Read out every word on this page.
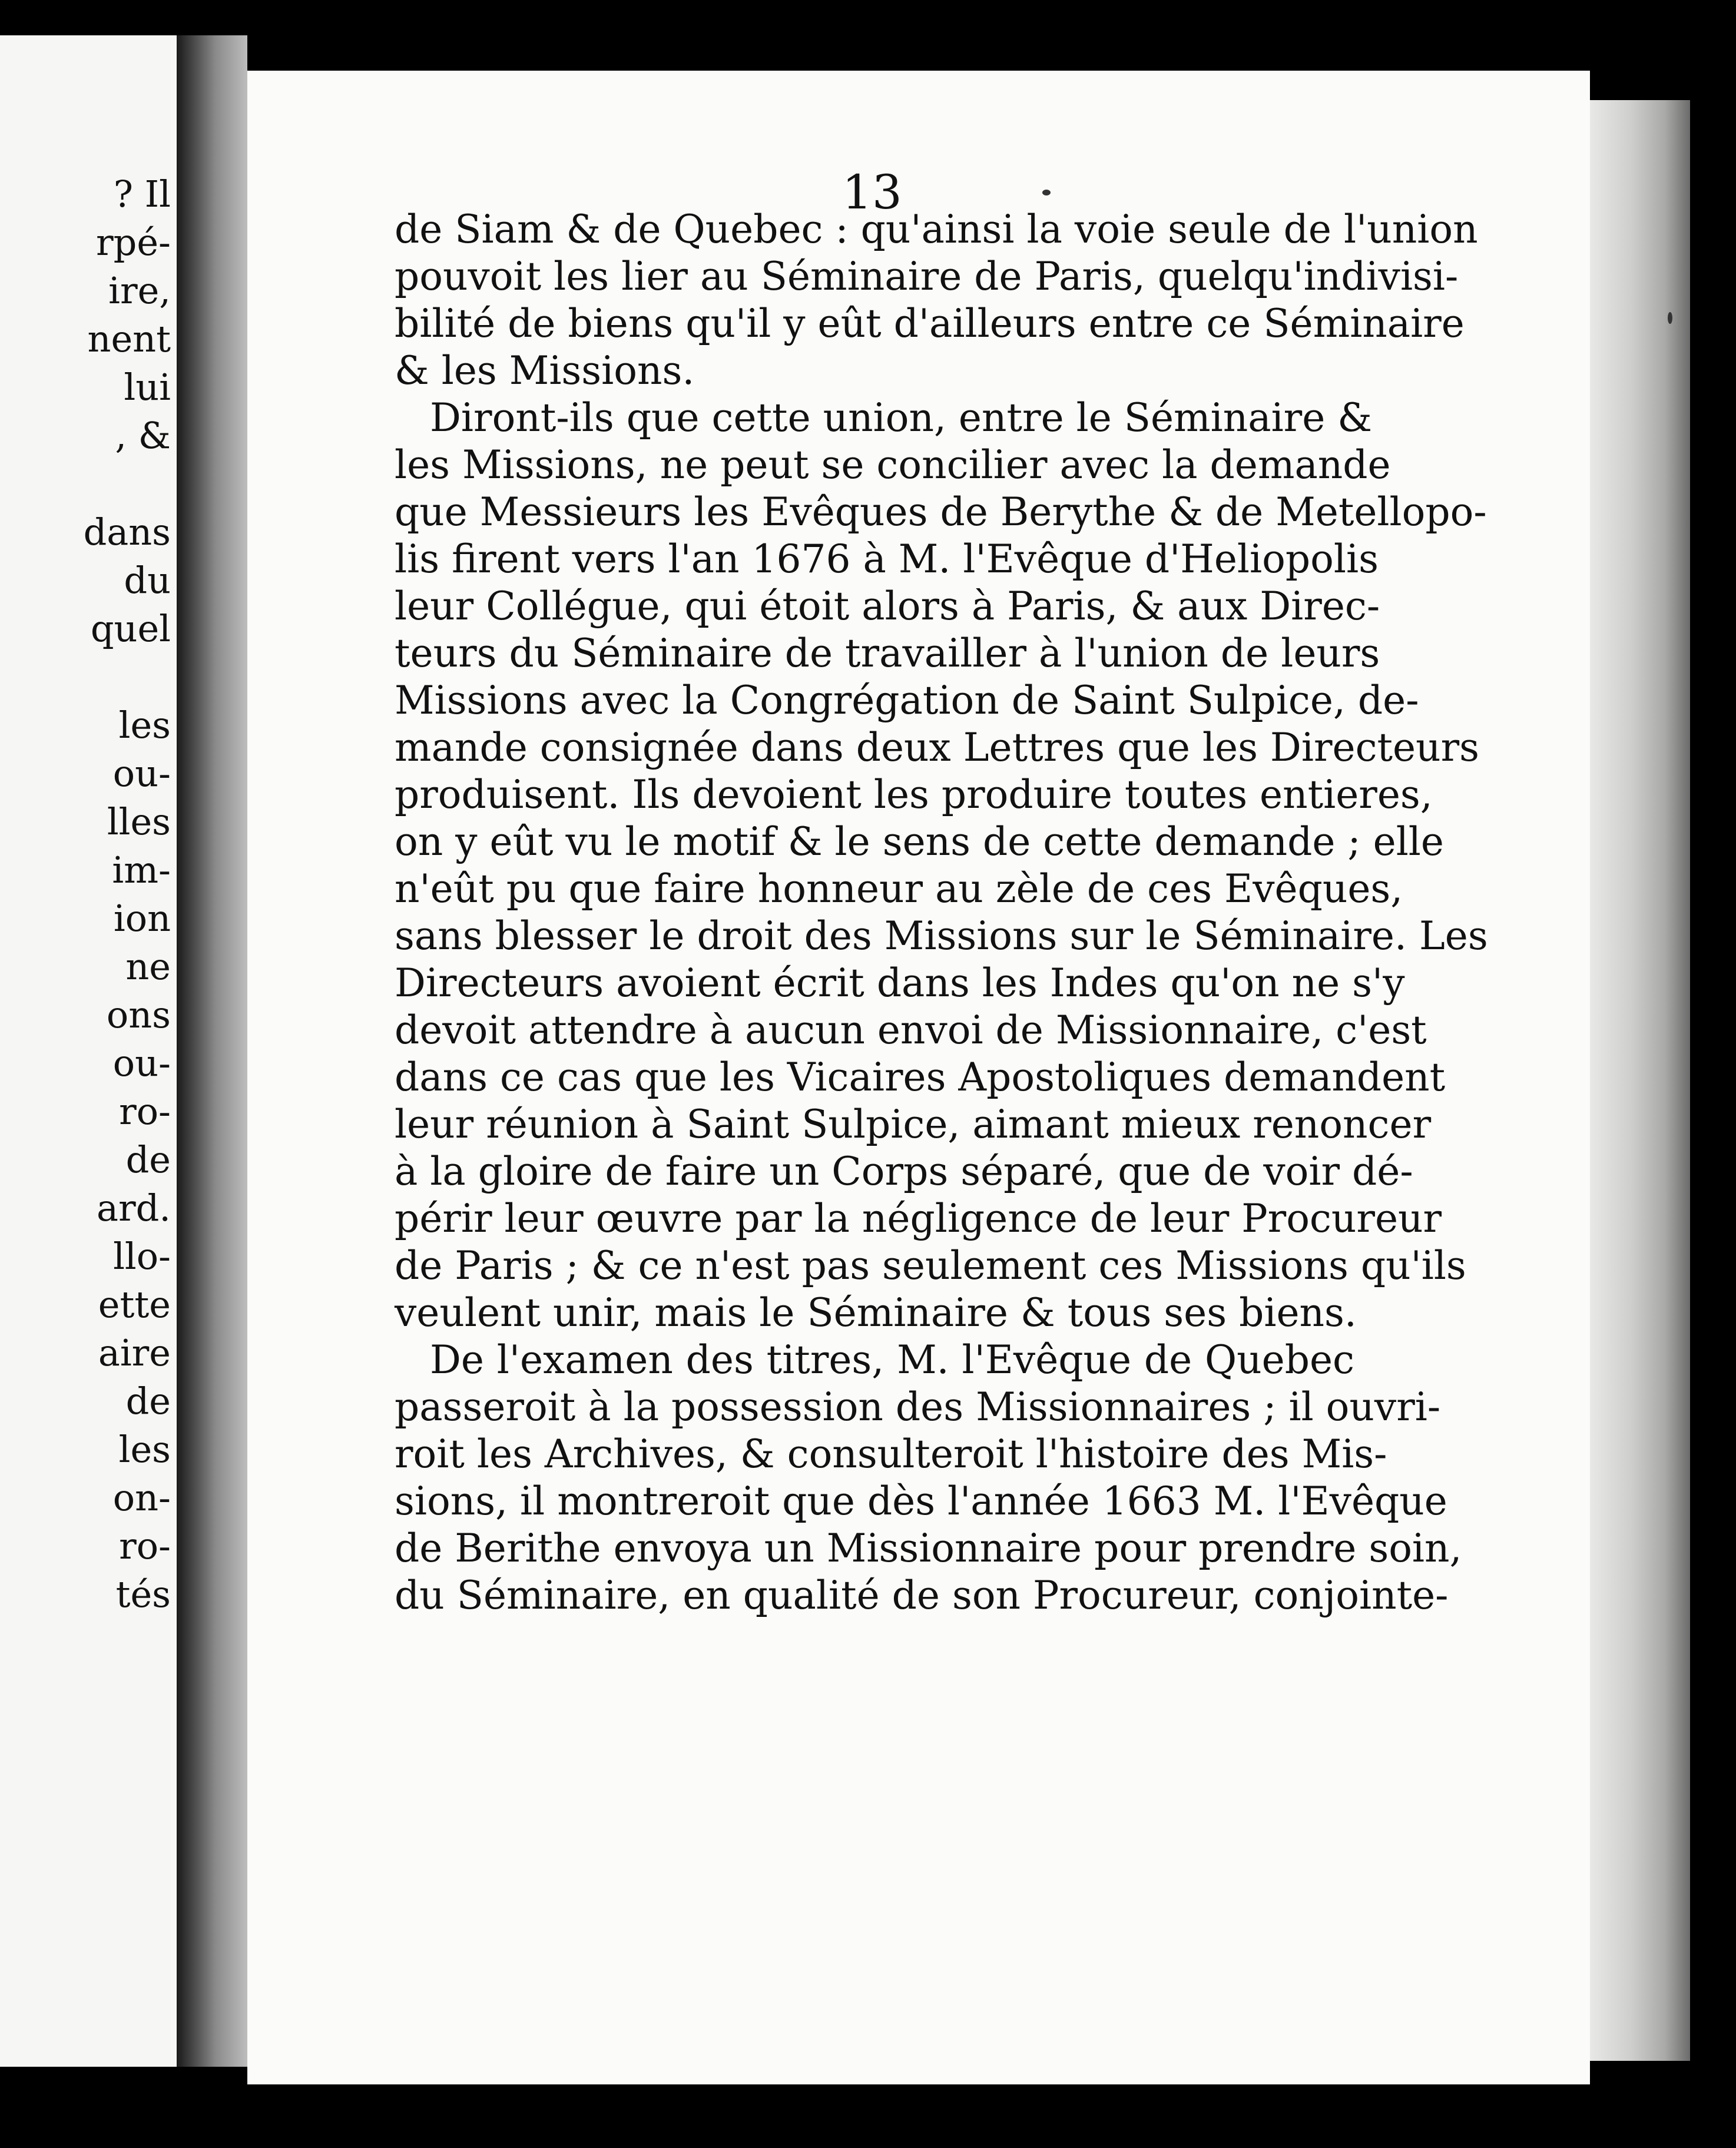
? Il
rpé-
ire,
nent
lui
, &
dans
du
quel
les
ou-
lles
im-
ion
ne
ons
ou-
ro-
de
ard.
llo-
ette
aire
de
les
on-
ro-
tés
13
de Siam & de Quebec : qu'ainsi la voie seule de l'union
pouvoit les lier au Séminaire de Paris, quelqu'indivisi-
bilité de biens qu'il y eût d'ailleurs entre ce Séminaire
& les Missions.
Diront-ils que cette union, entre le Séminaire &
les Missions, ne peut se concilier avec la demande
que Messieurs les Evêques de Berythe & de Metellopo-
lis firent vers l'an 1676 à M. l'Evêque d'Heliopolis
leur Collégue, qui étoit alors à Paris, & aux Direc-
teurs du Séminaire de travailler à l'union de leurs
Missions avec la Congrégation de Saint Sulpice, de-
mande consignée dans deux Lettres que les Directeurs
produisent. Ils devoient les produire toutes entieres,
on y eût vu le motif & le sens de cette demande ; elle
n'eût pu que faire honneur au zèle de ces Evêques,
sans blesser le droit des Missions sur le Séminaire. Les
Directeurs avoient écrit dans les Indes qu'on ne s'y
devoit attendre à aucun envoi de Missionnaire, c'est
dans ce cas que les Vicaires Apostoliques demandent
leur réunion à Saint Sulpice, aimant mieux renoncer
à la gloire de faire un Corps séparé, que de voir dé-
périr leur œuvre par la négligence de leur Procureur
de Paris ; & ce n'est pas seulement ces Missions qu'ils
veulent unir, mais le Séminaire & tous ses biens.
De l'examen des titres, M. l'Evêque de Quebec
passeroit à la possession des Missionnaires ; il ouvri-
roit les Archives, & consulteroit l'histoire des Mis-
sions, il montreroit que dès l'année 1663 M. l'Evêque
de Berithe envoya un Missionnaire pour prendre soin,
du Séminaire, en qualité de son Procureur, conjointe-
